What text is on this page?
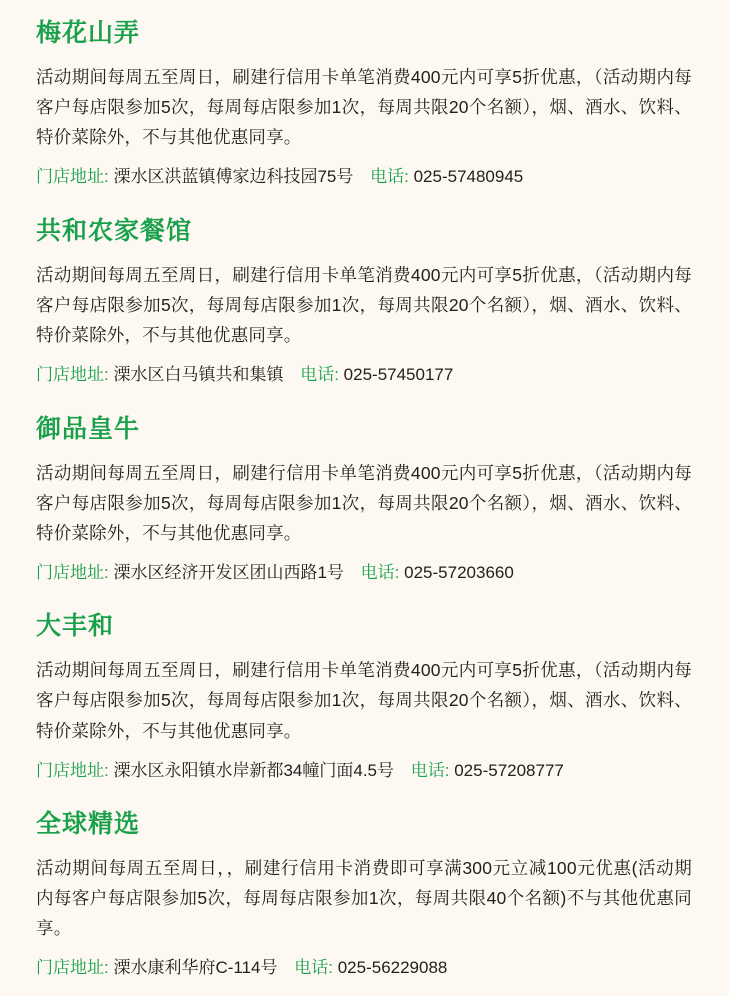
梅花山弄

活动期间每周五至周日，刷建行信用卡单笔消费400元内可享5折优惠，（活动期内每客户每店限参加5次，每周每店限参加1次，每周共限20个名额），烟、酒水、饮料、特价菜除外，不与其他优惠同享。

门店地址: 溧水区洪蓝镇傅家边科技园75号 电话: 025-57480945

共和农家餐馆

活动期间每周五至周日，刷建行信用卡单笔消费400元内可享5折优惠，（活动期内每客户每店限参加5次，每周每店限参加1次，每周共限20个名额），烟、酒水、饮料、特价菜除外，不与其他优惠同享。

门店地址: 溧水区白马镇共和集镇 电话: 025-57450177

御品皇牛

活动期间每周五至周日，刷建行信用卡单笔消费400元内可享5折优惠，（活动期内每客户每店限参加5次，每周每店限参加1次，每周共限20个名额），烟、酒水、饮料、特价菜除外，不与其他优惠同享。

门店地址: 溧水区经济开发区团山西路1号 电话: 025-57203660

大丰和

活动期间每周五至周日，刷建行信用卡单笔消费400元内可享5折优惠，（活动期内每客户每店限参加5次，每周每店限参加1次，每周共限20个名额），烟、酒水、饮料、特价菜除外，不与其他优惠同享。

门店地址: 溧水区永阳镇水岸新都34幢门面4.5号 电话: 025-57208777

全球精选

活动期间每周五至周日，，刷建行信用卡消费即可享满300元立减100元优惠(活动期内每客户每店限参加5次，每周每店限参加1次，每周共限40个名额)不与其他优惠同享。

门店地址: 溧水康利华府C-114号 电话: 025-56229088
